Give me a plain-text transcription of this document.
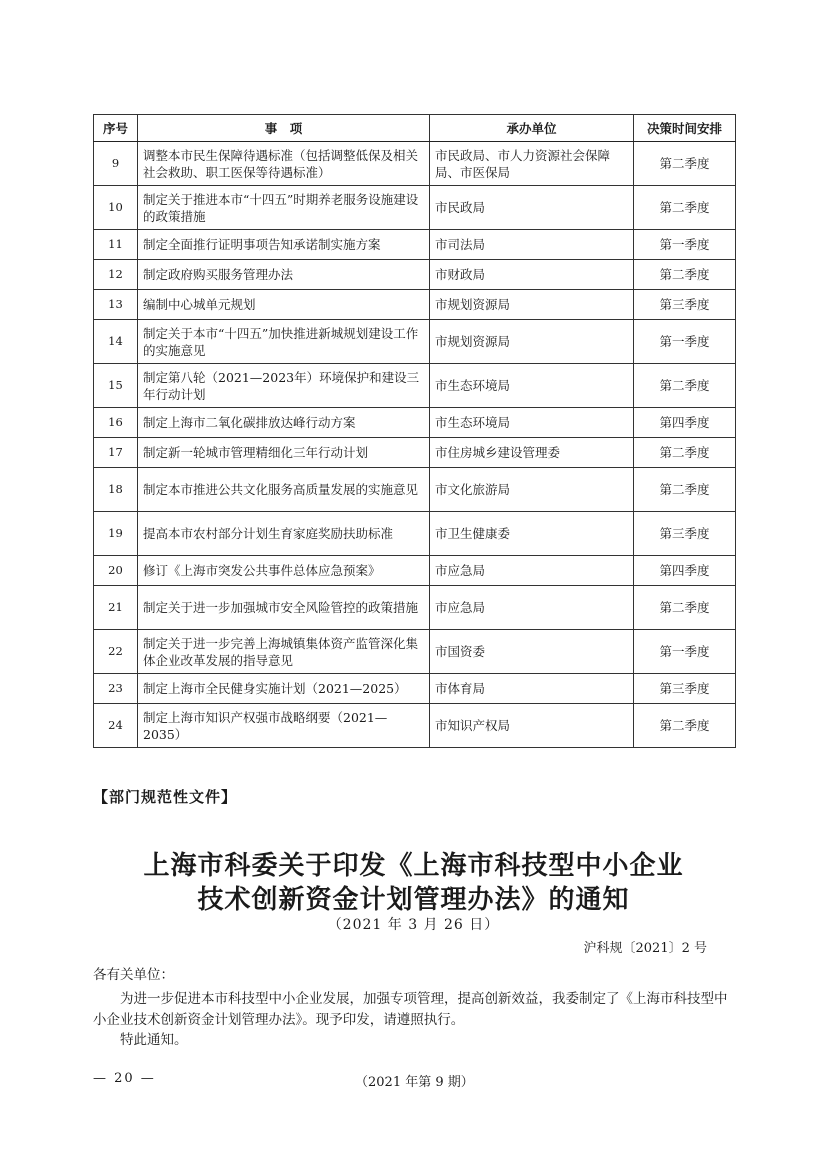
序号	事　项	承办单位	决策时间安排
9	调整本市民生保障待遇标准（包括调整低保及相关社会救助、职工医保等待遇标准）	市民政局、市人力资源社会保障局、市医保局	第二季度
10	制定关于推进本市“十四五”时期养老服务设施建设的政策措施	市民政局	第二季度
11	制定全面推行证明事项告知承诺制实施方案	市司法局	第一季度
12	制定政府购买服务管理办法	市财政局	第二季度
13	编制中心城单元规划	市规划资源局	第三季度
14	制定关于本市“十四五”加快推进新城规划建设工作的实施意见	市规划资源局	第一季度
15	制定第八轮（2021—2023年）环境保护和建设三年行动计划	市生态环境局	第二季度
16	制定上海市二氧化碳排放达峰行动方案	市生态环境局	第四季度
17	制定新一轮城市管理精细化三年行动计划	市住房城乡建设管理委	第二季度
18	制定本市推进公共文化服务高质量发展的实施意见	市文化旅游局	第二季度
19	提高本市农村部分计划生育家庭奖励扶助标准	市卫生健康委	第三季度
20	修订《上海市突发公共事件总体应急预案》	市应急局	第四季度
21	制定关于进一步加强城市安全风险管控的政策措施	市应急局	第二季度
22	制定关于进一步完善上海城镇集体资产监管深化集体企业改革发展的指导意见	市国资委	第一季度
23	制定上海市全民健身实施计划（2021—2025）	市体育局	第三季度
24	制定上海市知识产权强市战略纲要（2021—2035）	市知识产权局	第二季度
【部门规范性文件】
上海市科委关于印发《上海市科技型中小企业
技术创新资金计划管理办法》的通知
（2021 年 3 月 26 日）
沪科规〔2021〕2 号
各有关单位：
为进一步促进本市科技型中小企业发展，加强专项管理，提高创新效益，我委制定了《上海市科技型中小企业技术创新资金计划管理办法》。现予印发，请遵照执行。
特此通知。
— 20 —	（2021 年第 9 期）
